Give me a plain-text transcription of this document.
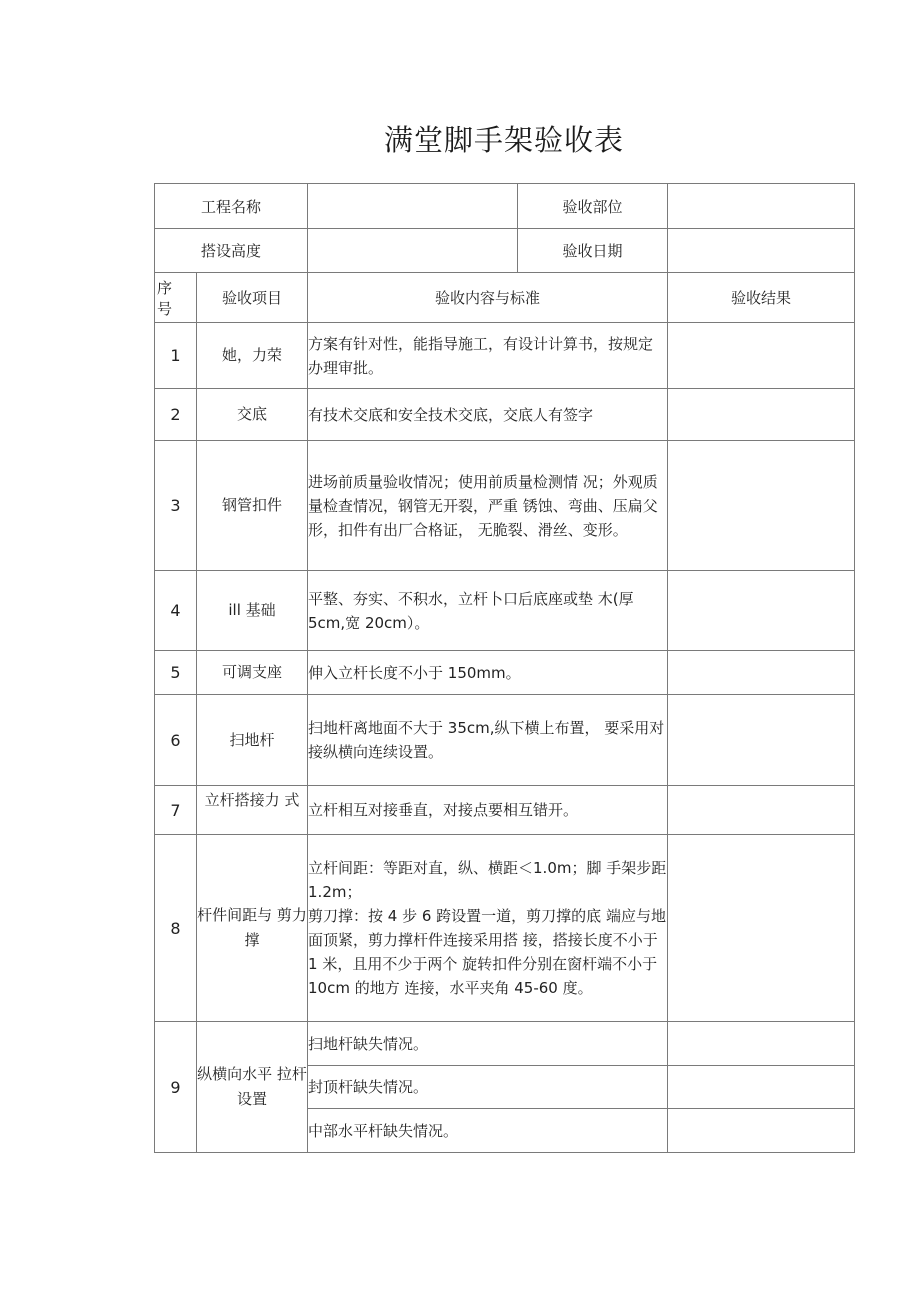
满堂脚手架验收表
工程名称			验收部位	
搭设高度			验收日期	
序 号	验收项目	验收内容与标准		验收结果
1	她，力荣	方案有针对性，能指导施工，有设计计算书，按规定办理审批。		
2	交底	有技术交底和安全技术交底，交底人有签字		
3	钢管扣件	进场前质量验收情况；使用前质量检测情 况；外观质量检查情况，钢管无开裂，严重 锈蚀、弯曲、压扁父形，扣件有出厂合格证， 无脆裂、滑丝、变形。		
4	ill 基础	平整、夯实、不积水，立杆卜口后底座或垫 木(厚 5cm,宽 20cm）。		
5	可调支座	伸入立杆长度不小于 150mm。		
6	扫地杆	扫地杆离地面不大于 35cm,纵下横上布置， 要采用对接纵横向连续设置。		
7	立杆搭接力 式	立杆相互对接垂直，对接点要相互错开。		
8	杆件间距与 剪力撑	立杆间距：等距对直，纵、横距＜1.0m；脚 手架步距 1.2m；
剪刀撑：按 4 步 6 跨设置一道，剪刀撑的底 端应与地面顶紧，剪力撑杆件连接采用搭 接，搭接长度不小于 1 米，且用不少于两个 旋转扣件分别在窗杆端不小于 10cm 的地方 连接，水平夹角 45-60 度。		

9	纵横向水平 拉杆设置	扫地杆缺失情况。		
		封顶杆缺失情况。		
		中部水平杆缺失情况。		
